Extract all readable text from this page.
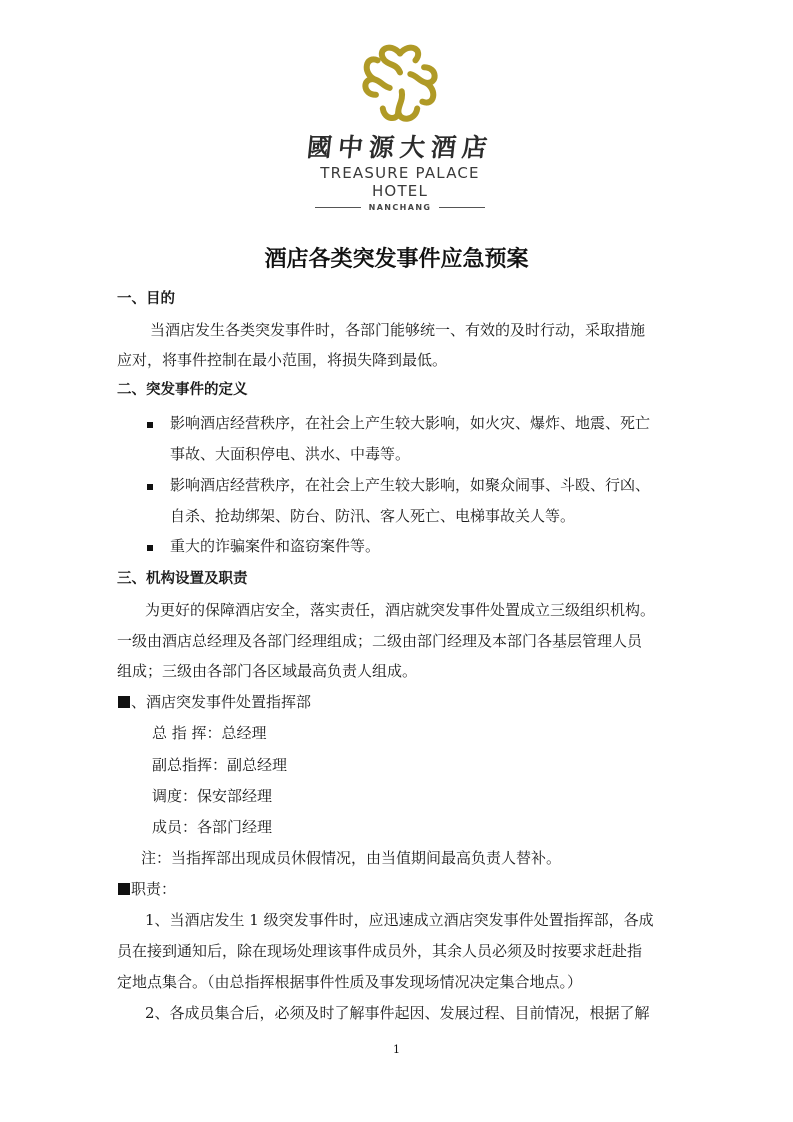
國中源大酒店
TREASURE PALACE HOTEL
NANCHANG
酒店各类突发事件应急预案
一、目的
当酒店发生各类突发事件时，各部门能够统一、有效的及时行动，采取措施
应对，将事件控制在最小范围，将损失降到最低。
二、突发事件的定义
影响酒店经营秩序，在社会上产生较大影响，如火灾、爆炸、地震、死亡
事故、大面积停电、洪水、中毒等。
影响酒店经营秩序，在社会上产生较大影响，如聚众闹事、斗殴、行凶、
自杀、抢劫绑架、防台、防汛、客人死亡、电梯事故关人等。
重大的诈骗案件和盗窃案件等。
三、机构设置及职责
为更好的保障酒店安全，落实责任，酒店就突发事件处置成立三级组织机构。
一级由酒店总经理及各部门经理组成；二级由部门经理及本部门各基层管理人员
组成；三级由各部门各区域最高负责人组成。
、酒店突发事件处置指挥部
总 指 挥：总经理
副总指挥：副总经理
调度：保安部经理
成员：各部门经理
注：当指挥部出现成员休假情况，由当值期间最高负责人替补。
职责：
1、当酒店发生 1 级突发事件时，应迅速成立酒店突发事件处置指挥部，各成
员在接到通知后，除在现场处理该事件成员外，其余人员必须及时按要求赶赴指
定地点集合。（由总指挥根据事件性质及事发现场情况决定集合地点。）
2、各成员集合后，必须及时了解事件起因、发展过程、目前情况，根据了解
1
